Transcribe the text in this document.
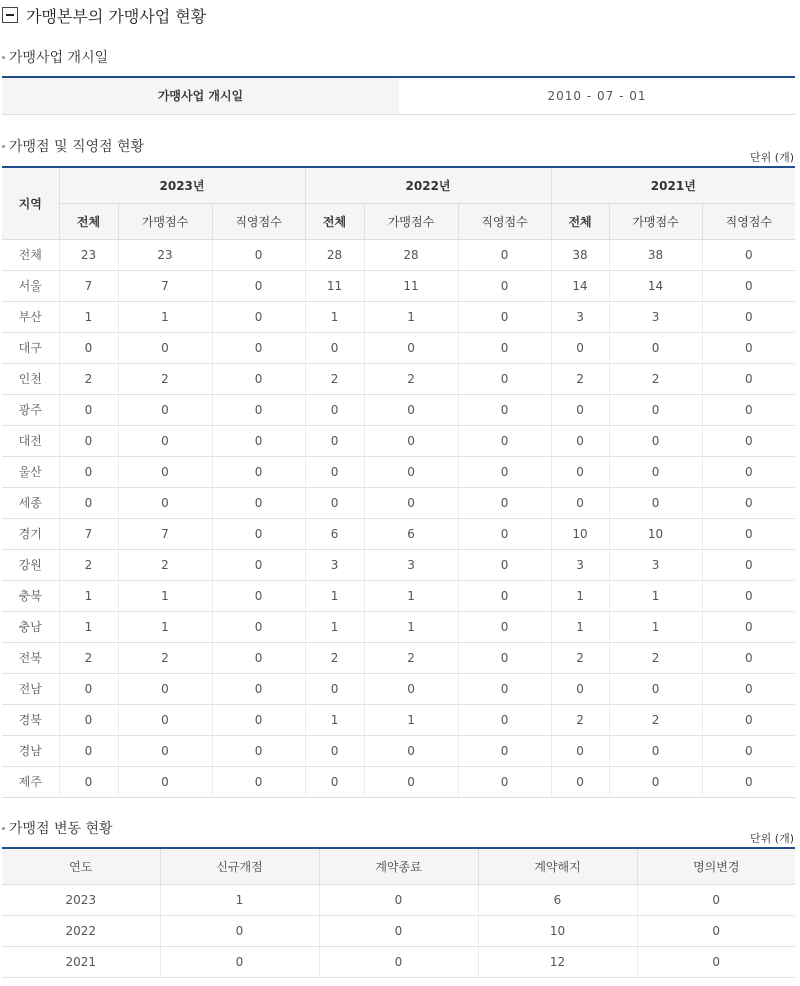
가맹본부의 가맹사업 현황
가맹사업 개시일
가맹사업 개시일	2010 - 07 - 01
가맹점 및 직영점 현황
단위 (개)
지역	2023년			2022년			2021년		
	전체	가맹점수	직영점수	전체	가맹점수	직영점수	전체	가맹점수	직영점수
전체	23	23	0	28	28	0	38	38	0
서울	7	7	0	11	11	0	14	14	0
부산	1	1	0	1	1	0	3	3	0
대구	0	0	0	0	0	0	0	0	0
인천	2	2	0	2	2	0	2	2	0
광주	0	0	0	0	0	0	0	0	0
대전	0	0	0	0	0	0	0	0	0
울산	0	0	0	0	0	0	0	0	0
세종	0	0	0	0	0	0	0	0	0
경기	7	7	0	6	6	0	10	10	0
강원	2	2	0	3	3	0	3	3	0
충북	1	1	0	1	1	0	1	1	0
충남	1	1	0	1	1	0	1	1	0
전북	2	2	0	2	2	0	2	2	0
전남	0	0	0	0	0	0	0	0	0
경북	0	0	0	1	1	0	2	2	0
경남	0	0	0	0	0	0	0	0	0
제주	0	0	0	0	0	0	0	0	0
가맹점 변동 현황
단위 (개)
연도	신규개점	계약종료	계약해지	명의변경
2023	1	0	6	0
2022	0	0	10	0
2021	0	0	12	0
